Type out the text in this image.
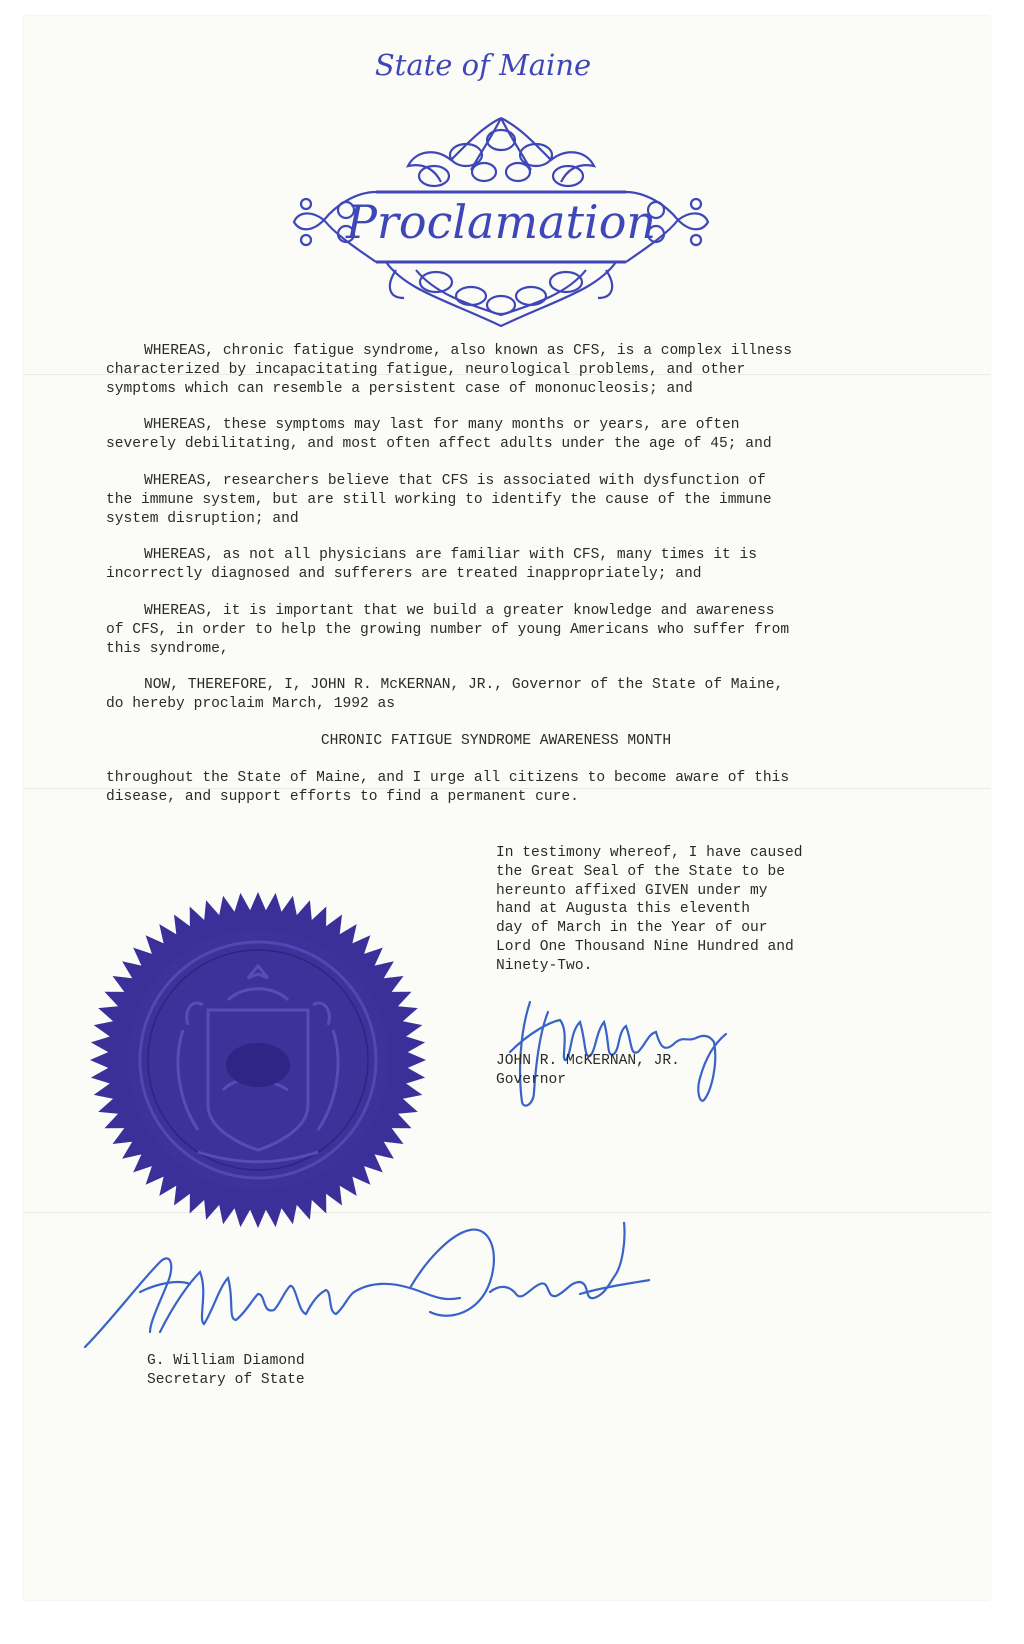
State of Maine
Proclamation

WHEREAS, chronic fatigue syndrome, also known as CFS, is a complex illness
characterized by incapacitating fatigue, neurological problems, and other
symptoms which can resemble a persistent case of mononucleosis; and

WHEREAS, these symptoms may last for many months or years, are often
severely debilitating, and most often affect adults under the age of 45; and

WHEREAS, researchers believe that CFS is associated with dysfunction of
the immune system, but are still working to identify the cause of the immune
system disruption; and

WHEREAS, as not all physicians are familiar with CFS, many times it is
incorrectly diagnosed and sufferers are treated inappropriately; and

WHEREAS, it is important that we build a greater knowledge and awareness
of CFS, in order to help the growing number of young Americans who suffer from
this syndrome,

NOW, THEREFORE, I, JOHN R. McKERNAN, JR., Governor of the State of Maine,
do hereby proclaim March, 1992 as

CHRONIC FATIGUE SYNDROME AWARENESS MONTH

throughout the State of Maine, and I urge all citizens to become aware of this
disease, and support efforts to find a permanent cure.

In testimony whereof, I have caused
the Great Seal of the State to be
hereunto affixed GIVEN under my
hand at Augusta this eleventh
day of March in the Year of our
Lord One Thousand Nine Hundred and
Ninety-Two.
JOHN R. McKERNAN, JR.
Governor
G. William Diamond
Secretary of State
